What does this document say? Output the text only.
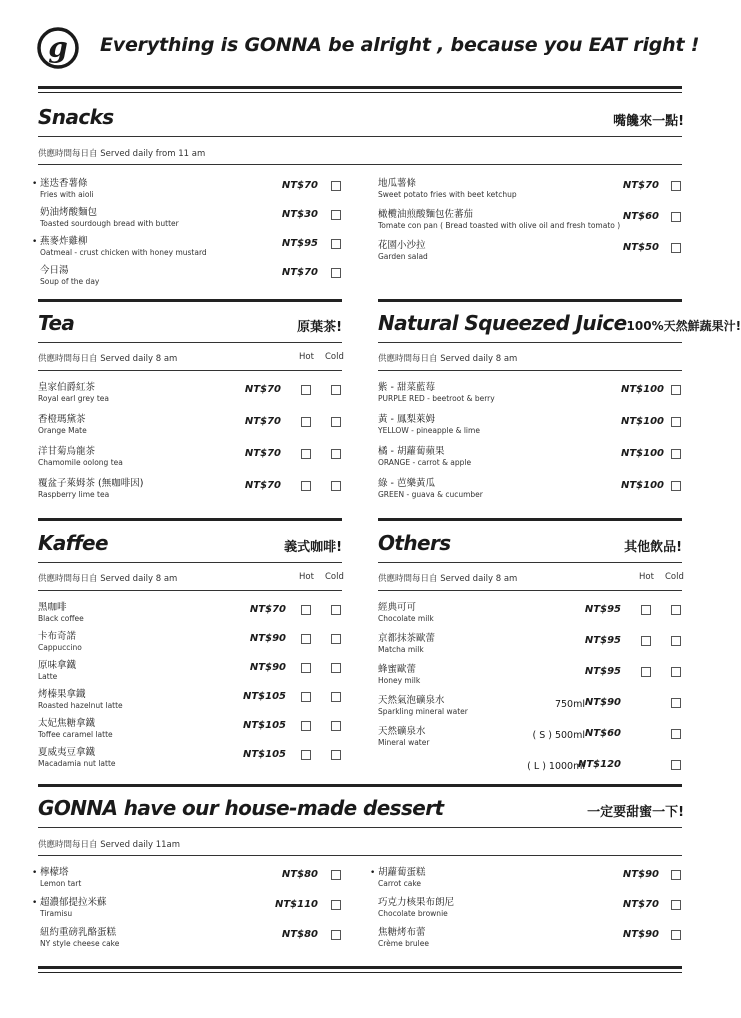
g Everything is GONNA be alright , because you EAT right !
Snacks	嘴饞來一點!
供應時間每日自 Served daily from 11 am
• 迷迭香薯條
Fries with aioli
NT$70
奶油烤酸麵包
Toasted sourdough bread with butter
NT$30
• 燕麥炸雞柳
Oatmeal - crust chicken with honey mustard
NT$95
今日湯
Soup of the day
NT$70
地瓜薯條
Sweet potato fries with beet ketchup
NT$70
橄欖油煎酸麵包佐蕃茄
Tomate con pan ( Bread toasted with olive oil and fresh tomato )
NT$60
花園小沙拉
Garden salad
NT$50
Tea	原葉茶!
供應時間每日自 Served daily 8 am	Hot Cold
皇家伯爵紅茶
Royal earl grey tea
NT$70
香橙瑪黛茶
Orange Mate
NT$70
洋甘菊烏龍茶
Chamomile oolong tea
NT$70
覆盆子萊姆茶 (無咖啡因)
Raspberry lime tea
NT$70
Natural Squeezed Juice100%天然鮮蔬果汁!
供應時間每日自 Served daily 8 am
紫 - 甜菜藍莓
PURPLE RED - beetroot & berry
NT$100
黃 - 鳳梨萊姆
YELLOW - pineapple & lime
NT$100
橘 - 胡蘿蔔蘋果
ORANGE - carrot & apple
NT$100
綠 - 芭樂黃瓜
GREEN - guava & cucumber
NT$100
Kaffee	義式咖啡!
供應時間每日自 Served daily 8 am	Hot Cold
黑咖啡
Black coffee
NT$70
卡布奇諾
Cappuccino
NT$90
原味拿鐵
Latte
NT$90
烤榛果拿鐵
Roasted hazelnut latte
NT$105
太妃焦糖拿鐵
Toffee caramel latte
NT$105
夏威夷豆拿鐵
Macadamia nut latte
NT$105
Others	其他飲品!
供應時間每日自 Served daily 8 am	Hot Cold
經典可可
Chocolate milk
NT$95
京都抹茶歐蕾
Matcha milk
NT$95
蜂蜜歐蕾
Honey milk
NT$95
天然氣泡礦泉水
Sparkling mineral water
750ml NT$90
天然礦泉水
Mineral water
( S ) 500ml NT$60
( L ) 1000ml
NT$120
GONNA have our house-made dessert	一定要甜蜜一下!
供應時間每日自 Served daily 11am
• 檸檬塔
Lemon tart
NT$80
• 超濃郁提拉米蘇
Tiramisu
NT$110
紐約重磅乳酪蛋糕
NY style cheese cake
NT$80
• 胡蘿蔔蛋糕
Carrot cake
NT$90
巧克力核果布朗尼
Chocolate brownie
NT$70
焦糖烤布蕾
Crème brulee
NT$90
